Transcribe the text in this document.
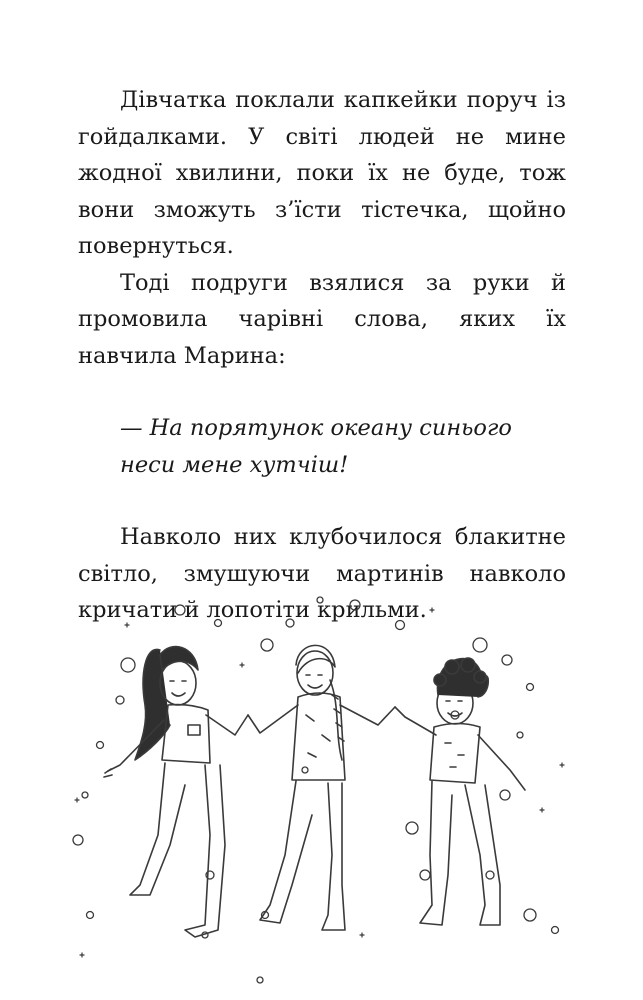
Дівчатка поклали капкейки поруч із гойдалками. У світі людей не мине жодної хвилини, поки їх не буде, тож вони зможуть з’їсти тістечка, щойно повернуться.

Тоді подруги взялися за руки й промовила чарівні слова, яких їх навчила Марина:

— На порятунок океану синього
неси мене хутчіш!

Навколо них клубочилося блакитне світло, змушуючи мартинів навколо кричати й лопотіти крильми.
